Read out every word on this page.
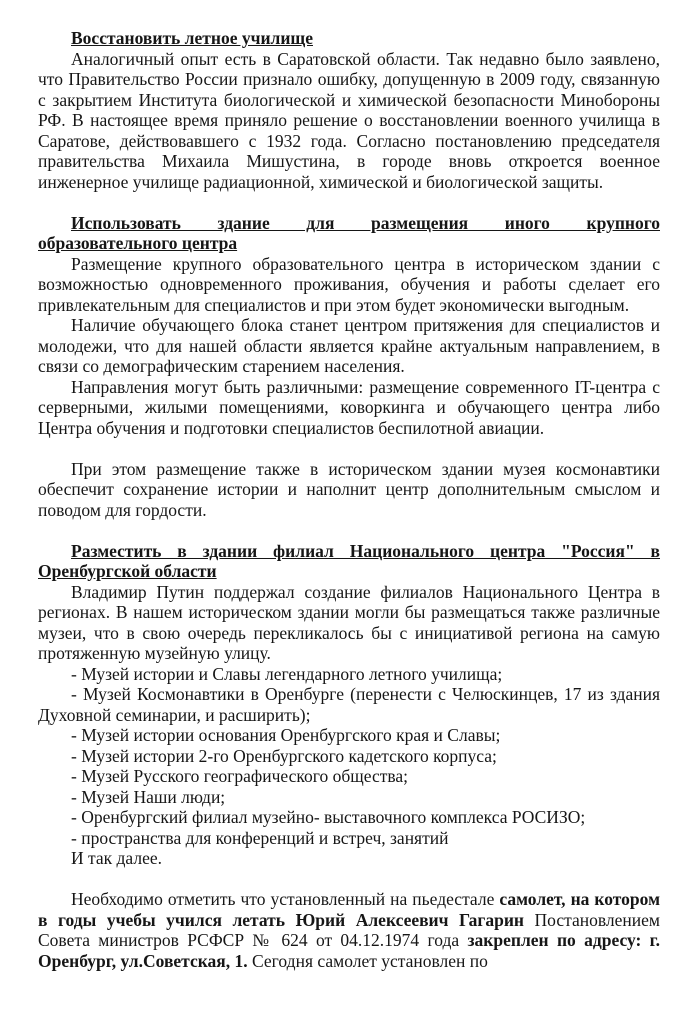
Восстановить летное училище

Аналогичный опыт есть в Саратовской области. Так недавно было заявлено, что Правительство России признало ошибку, допущенную в 2009 году, связанную с закрытием Института биологической и химической безопасности Минобороны РФ. В настоящее время приняло решение о восстановлении военного училища в Саратове, действовавшего с 1932 года. Согласно постановлению председателя правительства Михаила Мишустина, в городе вновь откроется военное инженерное училище радиационной, химической и биологической защиты.

Использовать здание для размещения иного крупного
образовательного центра

Размещение крупного образовательного центра в историческом здании с возможностью одновременного проживания, обучения и работы сделает его привлекательным для специалистов и при этом будет экономически выгодным.

Наличие обучающего блока станет центром притяжения для специалистов и молодежи, что для нашей области является крайне актуальным направлением, в связи со демографическим старением населения.

Направления могут быть различными: размещение современного IT-центра с серверными, жилыми помещениями, коворкинга и обучающего центра либо Центра обучения и подготовки специалистов беспилотной авиации.

При этом размещение также в историческом здании музея космонавтики обеспечит сохранение истории и наполнит центр дополнительным смыслом и поводом для гордости.

Разместить в здании филиал Национального центра "Россия" в
Оренбургской области

Владимир Путин поддержал создание филиалов Национального Центра в регионах. В нашем историческом здании могли бы размещаться также различные музеи, что в свою очередь перекликалось бы с инициативой региона на самую протяженную музейную улицу.

- Музей истории и Славы легендарного летного училища;

- Музей Космонавтики в Оренбурге (перенести с Челюскинцев, 17 из здания Духовной семинарии, и расширить);

- Музей истории основания Оренбургского края и Славы;

- Музей истории 2-го Оренбургского кадетского корпуса;

- Музей Русского географического общества;

- Музей Наши люди;

- Оренбургский филиал музейно- выставочного комплекса РОСИЗО;

- пространства для конференций и встреч, занятий

И так далее.

Необходимо отметить что установленный на пьедестале самолет, на котором в годы учебы учился летать Юрий Алексеевич Гагарин Постановлением Совета министров РСФСР № 624 от 04.12.1974 года закреплен по адресу: г. Оренбург, ул.Советская, 1. Сегодня самолет установлен по
